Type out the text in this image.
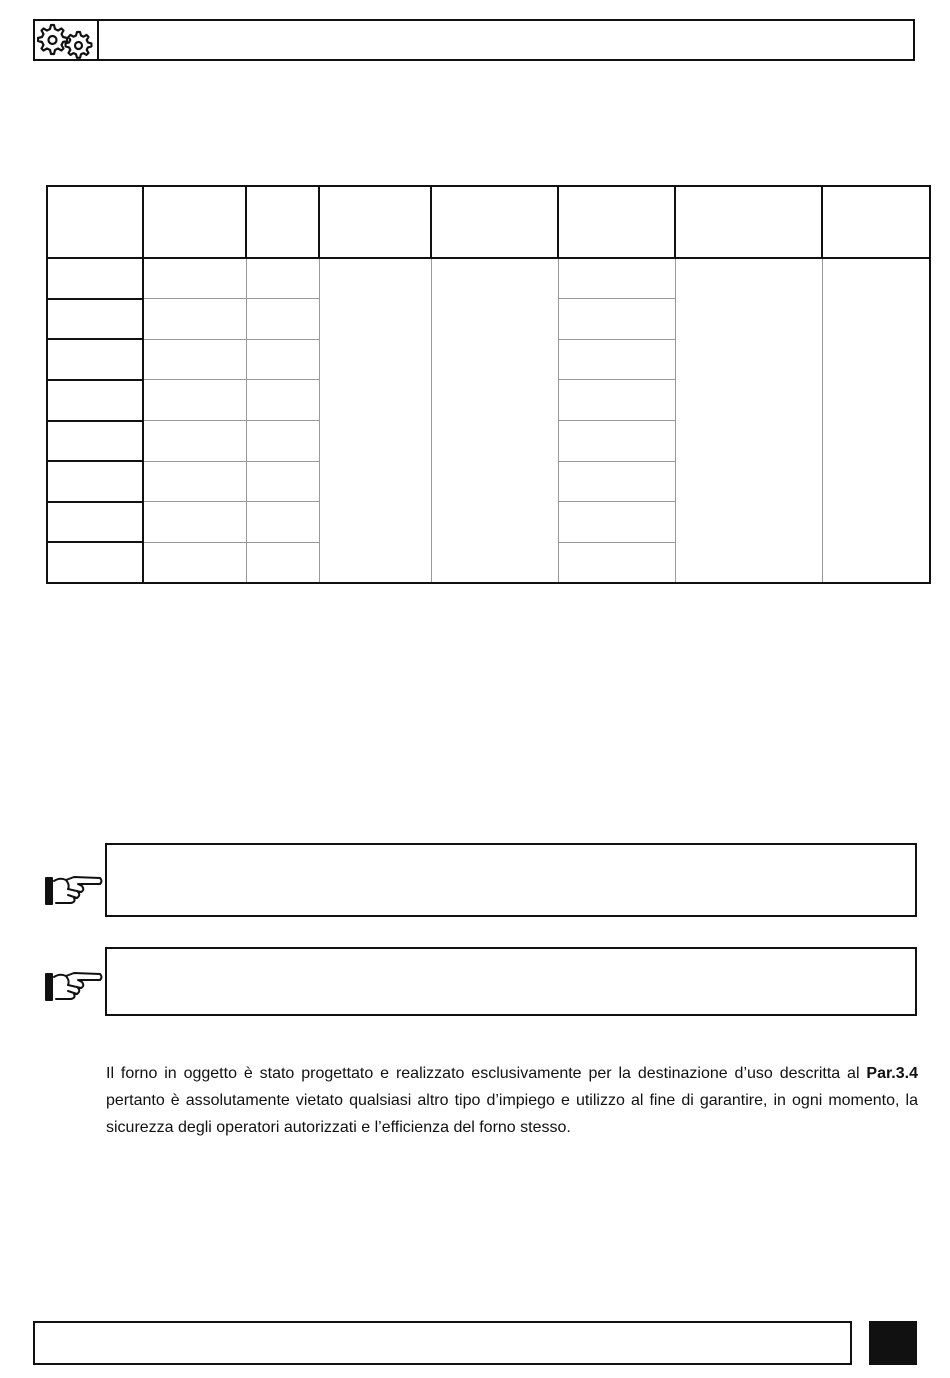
Il forno in oggetto è stato progettato e realizzato esclusivamente per la destinazione d’uso descritta al Par.3.4 pertanto è assolutamente vietato qualsiasi altro tipo d’impiego e utilizzo al fine di garantire, in ogni momento, la sicurezza degli operatori autorizzati e l’efficienza del forno stesso.
